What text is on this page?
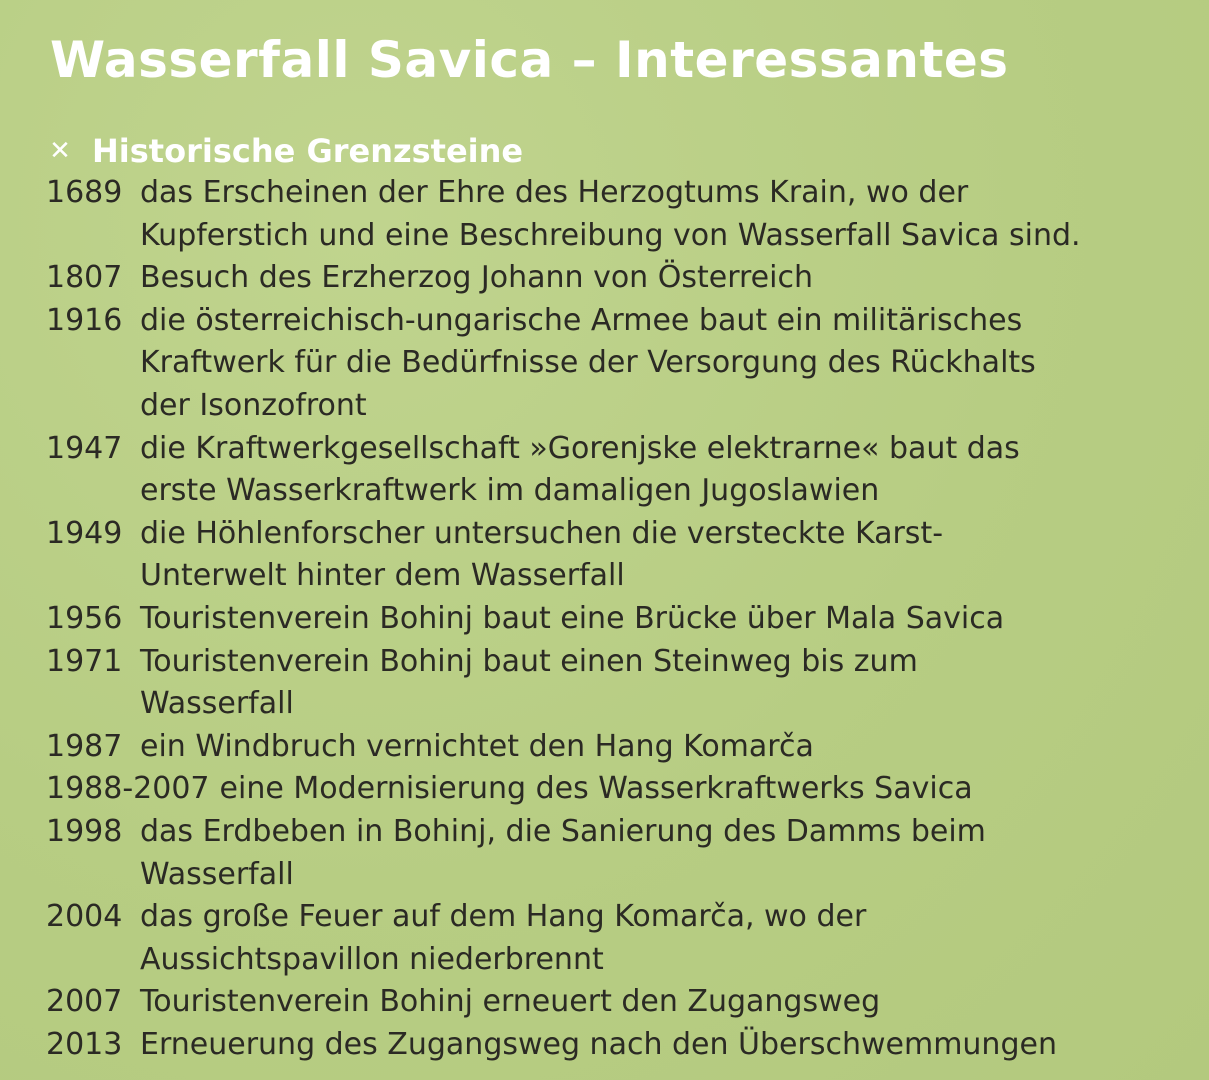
Wasserfall Savica – Interessantes
✕ Historische Grenzsteine
1689 das Erscheinen der Ehre des Herzogtums Krain, wo der
Kupferstich und eine Beschreibung von Wasserfall Savica sind.
1807 Besuch des Erzherzog Johann von Österreich
1916 die österreichisch-ungarische Armee baut ein militärisches
Kraftwerk für die Bedürfnisse der Versorgung des Rückhalts
der Isonzofront
1947 die Kraftwerkgesellschaft »Gorenjske elektrarne« baut das
erste Wasserkraftwerk im damaligen Jugoslawien
1949 die Höhlenforscher untersuchen die versteckte Karst-
Unterwelt hinter dem Wasserfall
1956 Touristenverein Bohinj baut eine Brücke über Mala Savica
1971 Touristenverein Bohinj baut einen Steinweg bis zum
Wasserfall
1987 ein Windbruch vernichtet den Hang Komarča
1988-2007 eine Modernisierung des Wasserkraftwerks Savica
1998 das Erdbeben in Bohinj, die Sanierung des Damms beim
Wasserfall
2004 das große Feuer auf dem Hang Komarča, wo der
Aussichtspavillon niederbrennt
2007 Touristenverein Bohinj erneuert den Zugangsweg
2013 Erneuerung des Zugangsweg nach den Überschwemmungen
